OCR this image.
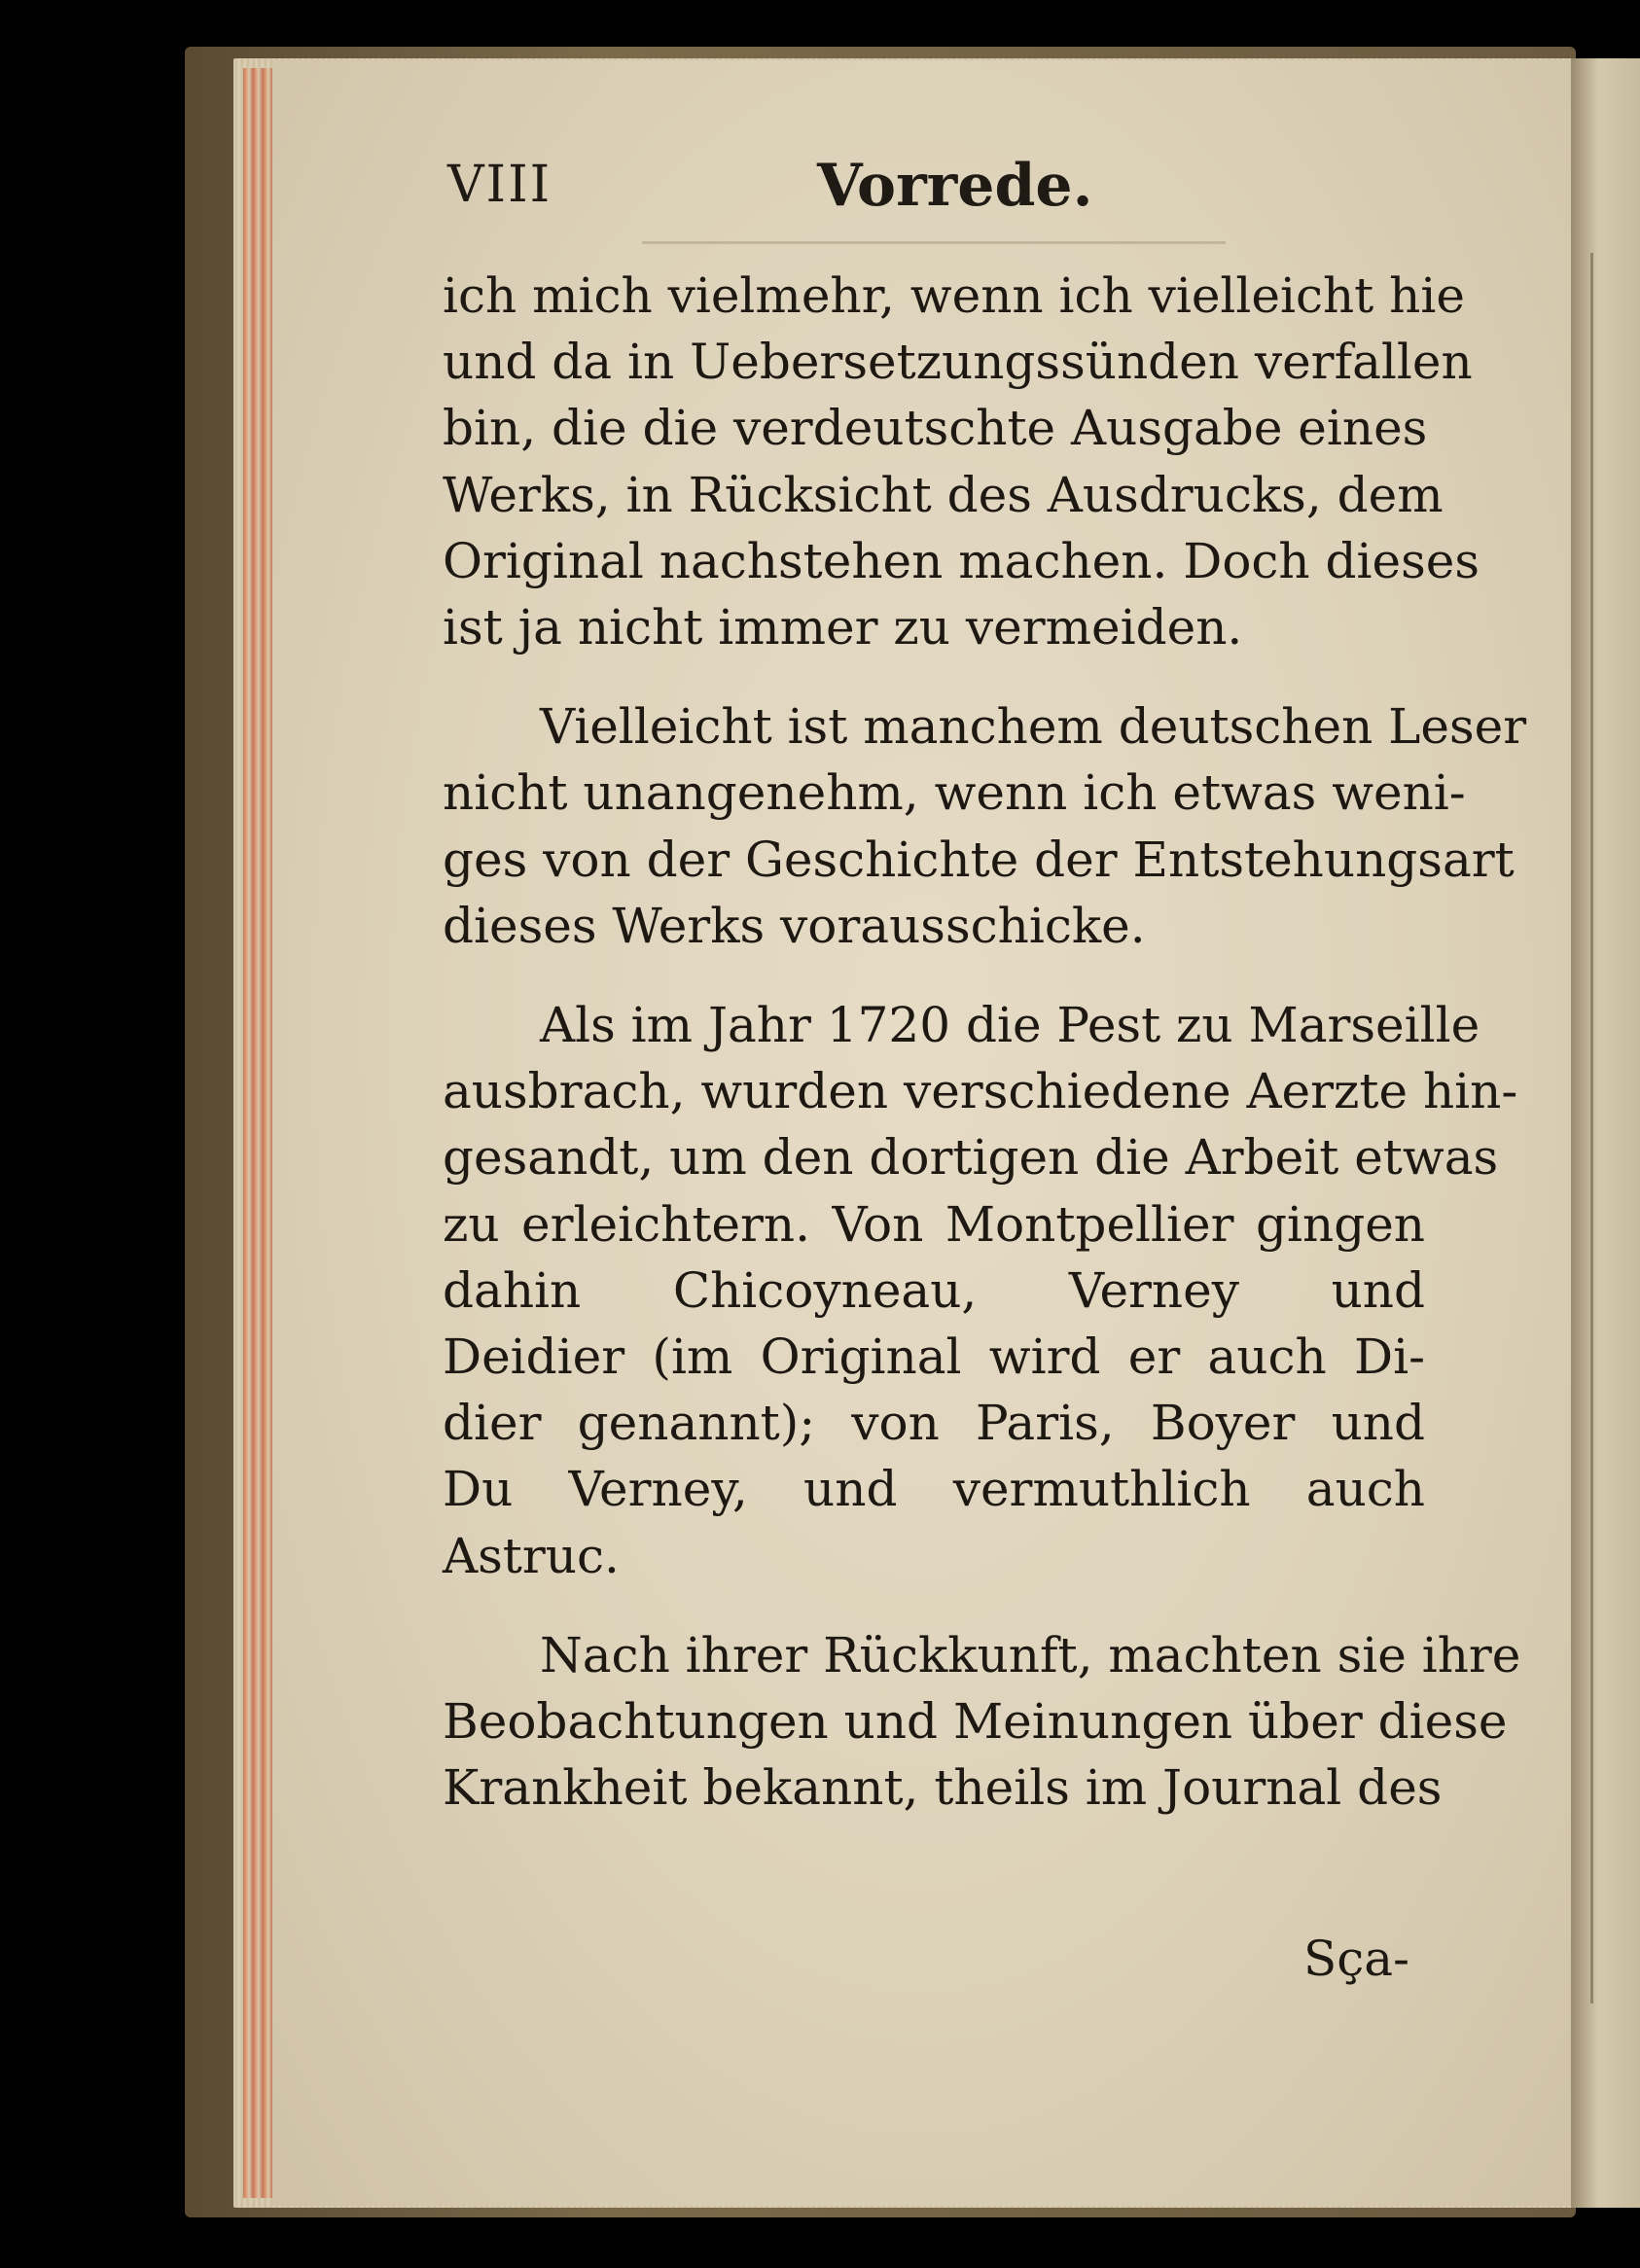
VIII	Vorrede.
ich mich vielmehr, wenn ich vielleicht hie
und da in Uebersetzungssünden verfallen
bin, die die verdeutschte Ausgabe eines
Werks, in Rücksicht des Ausdrucks, dem
Original nachstehen machen. Doch dieses
ist ja nicht immer zu vermeiden.
Vielleicht ist manchem deutschen Leser
nicht unangenehm, wenn ich etwas weni-
ges von der Geschichte der Entstehungsart
dieses Werks vorausschicke.
Als im Jahr 1720 die Pest zu Marseille
ausbrach, wurden verschiedene Aerzte hin-
gesandt, um den dortigen die Arbeit etwas
zu erleichtern. Von Montpellier gingen
dahin Chicoyneau, Verney und
Deidier (im Original wird er auch Di-
dier genannt); von Paris, Boyer und
Du Verney, und vermuthlich auch
Astruc.
Nach ihrer Rückkunft, machten sie ihre
Beobachtungen und Meinungen über diese
Krankheit bekannt, theils im Journal des
Sça-
